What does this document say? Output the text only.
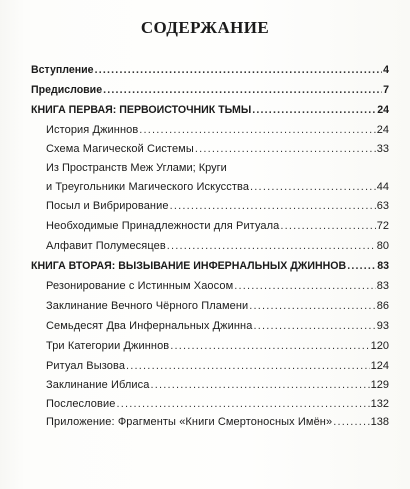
СОДЕРЖАНИЕ
Вступление .....	4
Предисловие .....	7
КНИГА ПЕРВАЯ: ПЕРВОИСТОЧНИК ТЬМЫ .....	24
История Джиннов .....	24
Схема Магической Системы .....	33
Из Пространств Меж Углами; Круги
и Треугольники Магического Искусства .....	44
Посыл и Вибрирование .....	63
Необходимые Принадлежности для Ритуала .....	72
Алфавит Полумесяцев .....	80
КНИГА ВТОРАЯ: ВЫЗЫВАНИЕ ИНФЕРНАЛЬНЫХ ДЖИННОВ .....	83
Резонирование с Истинным Хаосом .....	83
Заклинание Вечного Чёрного Пламени .....	86
Семьдесят Два Инфернальных Джинна .....	93
Три Категории Джиннов .....	120
Ритуал Вызова .....	124
Заклинание Иблиса .....	129
Послесловие .....	132
Приложение: Фрагменты «Книги Смертоносных Имён» .....	138
